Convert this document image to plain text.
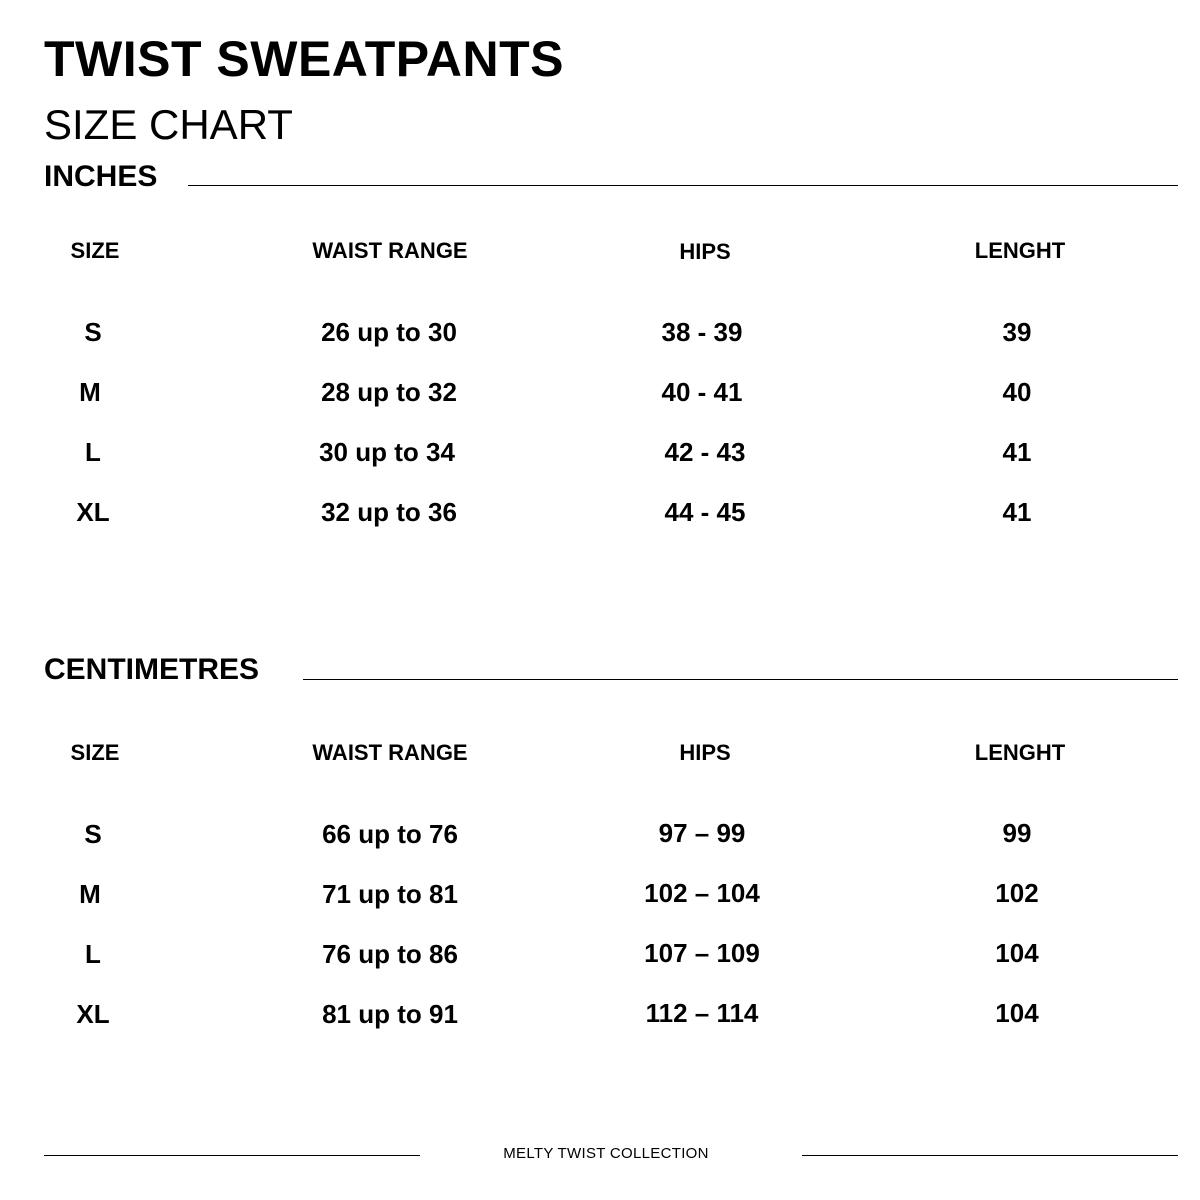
TWIST SWEATPANTS
SIZE CHART
INCHES
SIZE	WAIST RANGE	HIPS	LENGHT
S	26 up to 30	38 - 39	39
M	28 up to 32	40 - 41	40
L	30 up to 34	42 - 43	41
XL	32 up to 36	44 - 45	41
CENTIMETRES
SIZE	WAIST RANGE	HIPS	LENGHT
S	66 up to 76	97 – 99	99
M	71 up to 81	102 – 104	102
L	76 up to 86	107 – 109	104
XL	81 up to 91	112 – 114	104
MELTY TWIST COLLECTION
